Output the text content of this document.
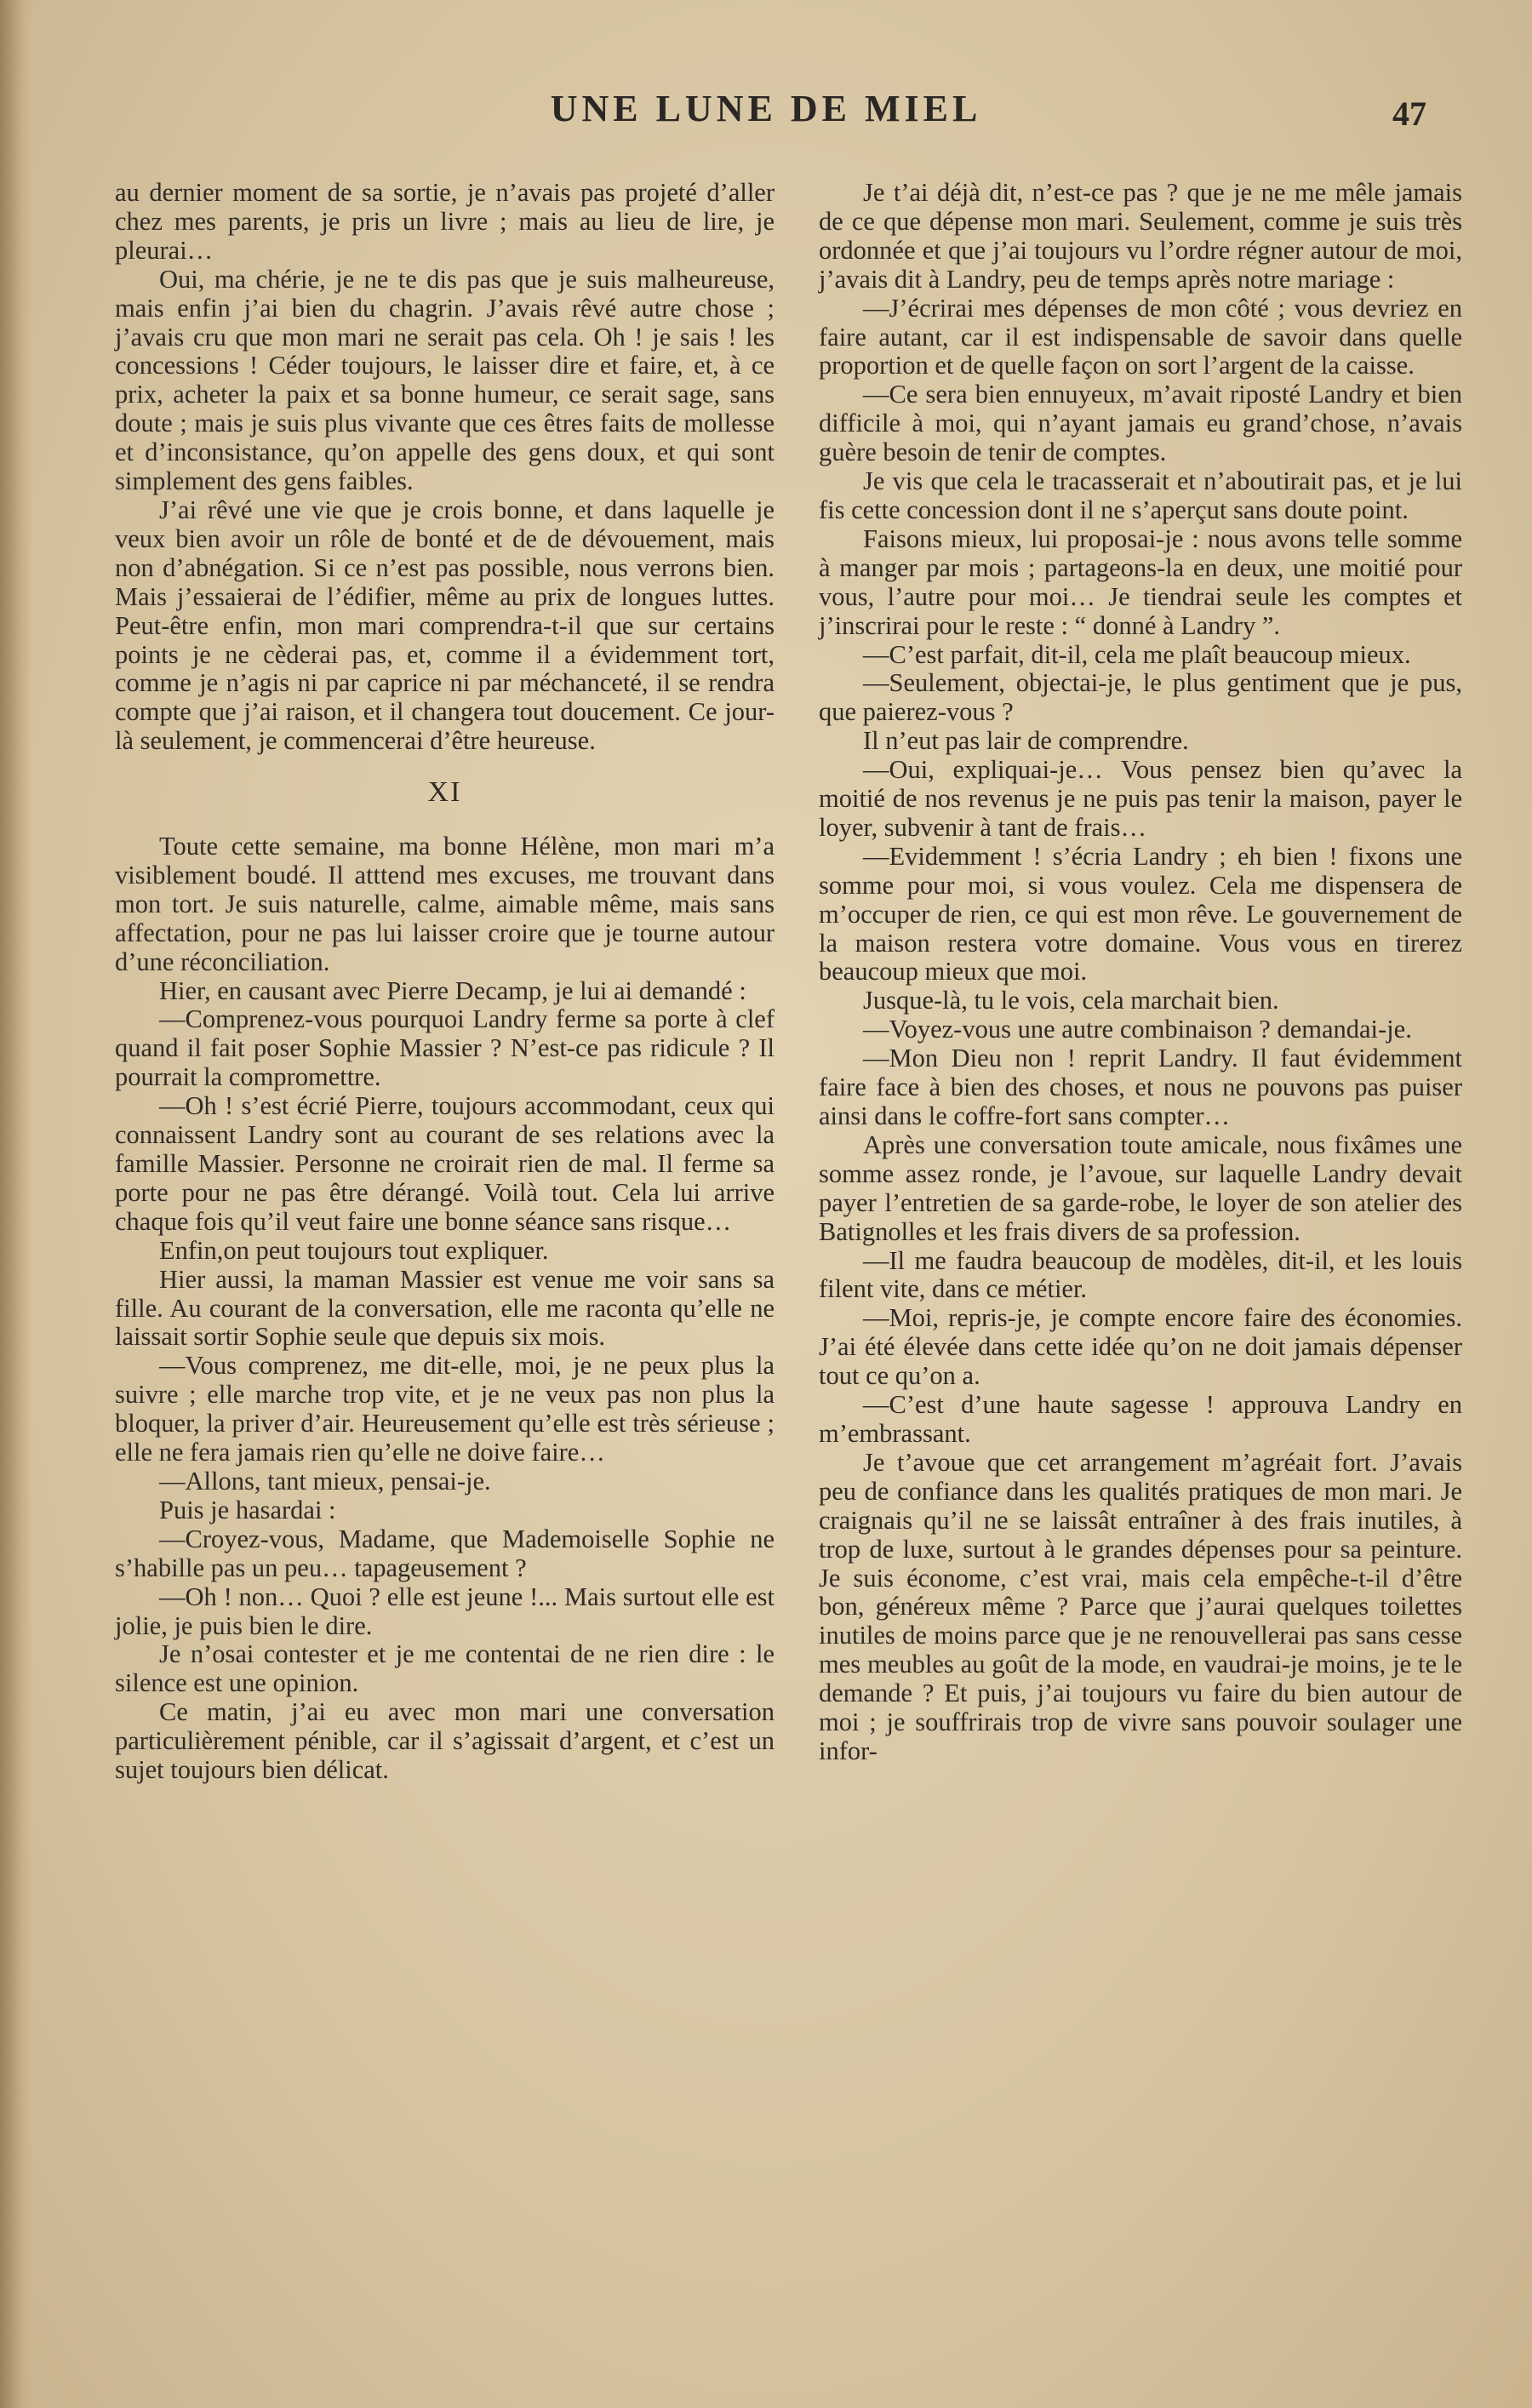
UNE LUNE DE MIEL	47

au dernier moment de sa sortie, je n’avais pas projeté d’aller chez mes parents, je pris un livre ; mais au lieu de lire, je pleurai…

Oui, ma chérie, je ne te dis pas que je suis malheureuse, mais enfin j’ai bien du chagrin. J’avais rêvé autre chose ; j’avais cru que mon mari ne serait pas cela. Oh ! je sais ! les concessions ! Céder toujours, le laisser dire et faire, et, à ce prix, acheter la paix et sa bonne humeur, ce serait sage, sans doute ; mais je suis plus vivante que ces êtres faits de mollesse et d’inconsistance, qu’on appelle des gens doux, et qui sont simplement des gens faibles.

J’ai rêvé une vie que je crois bonne, et dans laquelle je veux bien avoir un rôle de bonté et de de dévouement, mais non d’abnégation. Si ce n’est pas possible, nous verrons bien. Mais j’essaierai de l’édifier, même au prix de longues luttes. Peut-être enfin, mon mari comprendra-t-il que sur certains points je ne cèderai pas, et, comme il a évidemment tort, comme je n’agis ni par caprice ni par méchanceté, il se rendra compte que j’ai raison, et il changera tout doucement. Ce jour-là seulement, je commencerai d’être heureuse.

XI

Toute cette semaine, ma bonne Hélène, mon mari m’a visiblement boudé. Il atttend mes excuses, me trouvant dans mon tort. Je suis naturelle, calme, aimable même, mais sans affectation, pour ne pas lui laisser croire que je tourne autour d’une réconciliation.

Hier, en causant avec Pierre Decamp, je lui ai demandé :

—Comprenez-vous pourquoi Landry ferme sa porte à clef quand il fait poser Sophie Massier ? N’est-ce pas ridicule ? Il pourrait la compromettre.

—Oh ! s’est écrié Pierre, toujours accommodant, ceux qui connaissent Landry sont au courant de ses relations avec la famille Massier. Personne ne croirait rien de mal. Il ferme sa porte pour ne pas être dérangé. Voilà tout. Cela lui arrive chaque fois qu’il veut faire une bonne séance sans risque…

Enfin,on peut toujours tout expliquer.

Hier aussi, la maman Massier est venue me voir sans sa fille. Au courant de la conversation, elle me raconta qu’elle ne laissait sortir Sophie seule que depuis six mois.

—Vous comprenez, me dit-elle, moi, je ne peux plus la suivre ; elle marche trop vite, et je ne veux pas non plus la bloquer, la priver d’air. Heureusement qu’elle est très sérieuse ; elle ne fera jamais rien qu’elle ne doive faire…

—Allons, tant mieux, pensai-je.

Puis je hasardai :

—Croyez-vous, Madame, que Mademoiselle Sophie ne s’habille pas un peu… tapageusement ?

—Oh ! non… Quoi ? elle est jeune !... Mais surtout elle est jolie, je puis bien le dire.

Je n’osai contester et je me contentai de ne rien dire : le silence est une opinion.

Ce matin, j’ai eu avec mon mari une conversation particulièrement pénible, car il s’agissait d’argent, et c’est un sujet toujours bien délicat.

Je t’ai déjà dit, n’est-ce pas ? que je ne me mêle jamais de ce que dépense mon mari. Seulement, comme je suis très ordonnée et que j’ai toujours vu l’ordre régner autour de moi, j’avais dit à Landry, peu de temps après notre mariage :

—J’écrirai mes dépenses de mon côté ; vous devriez en faire autant, car il est indispensable de savoir dans quelle proportion et de quelle façon on sort l’argent de la caisse.

—Ce sera bien ennuyeux, m’avait riposté Landry et bien difficile à moi, qui n’ayant jamais eu grand’chose, n’avais guère besoin de tenir de comptes.

Je vis que cela le tracasserait et n’aboutirait pas, et je lui fis cette concession dont il ne s’aperçut sans doute point.

Faisons mieux, lui proposai-je : nous avons telle somme à manger par mois ; partageons-la en deux, une moitié pour vous, l’autre pour moi… Je tiendrai seule les comptes et j’inscrirai pour le reste : “ donné à Landry ”.

—C’est parfait, dit-il, cela me plaît beaucoup mieux.

—Seulement, objectai-je, le plus gentiment que je pus, que paierez-vous ?

Il n’eut pas lair de comprendre.

—Oui, expliquai-je… Vous pensez bien qu’avec la moitié de nos revenus je ne puis pas tenir la maison, payer le loyer, subvenir à tant de frais…

—Evidemment ! s’écria Landry ; eh bien ! fixons une somme pour moi, si vous voulez. Cela me dispensera de m’occuper de rien, ce qui est mon rêve. Le gouvernement de la maison restera votre domaine. Vous vous en tirerez beaucoup mieux que moi.

Jusque-là, tu le vois, cela marchait bien.

—Voyez-vous une autre combinaison ? demandai-je.

—Mon Dieu non ! reprit Landry. Il faut évidemment faire face à bien des choses, et nous ne pouvons pas puiser ainsi dans le coffre-fort sans compter…

Après une conversation toute amicale, nous fixâmes une somme assez ronde, je l’avoue, sur laquelle Landry devait payer l’entretien de sa garde-robe, le loyer de son atelier des Batignolles et les frais divers de sa profession.

—Il me faudra beaucoup de modèles, dit-il, et les louis filent vite, dans ce métier.

—Moi, repris-je, je compte encore faire des économies. J’ai été élevée dans cette idée qu’on ne doit jamais dépenser tout ce qu’on a.

—C’est d’une haute sagesse ! approuva Landry en m’embrassant.

Je t’avoue que cet arrangement m’agréait fort. J’avais peu de confiance dans les qualités pratiques de mon mari. Je craignais qu’il ne se laissât entraîner à des frais inutiles, à trop de luxe, surtout à le grandes dépenses pour sa peinture. Je suis économe, c’est vrai, mais cela empêche-t-il d’être bon, généreux même ? Parce que j’aurai quelques toilettes inutiles de moins parce que je ne renouvellerai pas sans cesse mes meubles au goût de la mode, en vaudrai-je moins, je te le demande ? Et puis, j’ai toujours vu faire du bien autour de moi ; je souffrirais trop de vivre sans pouvoir soulager une infor-
